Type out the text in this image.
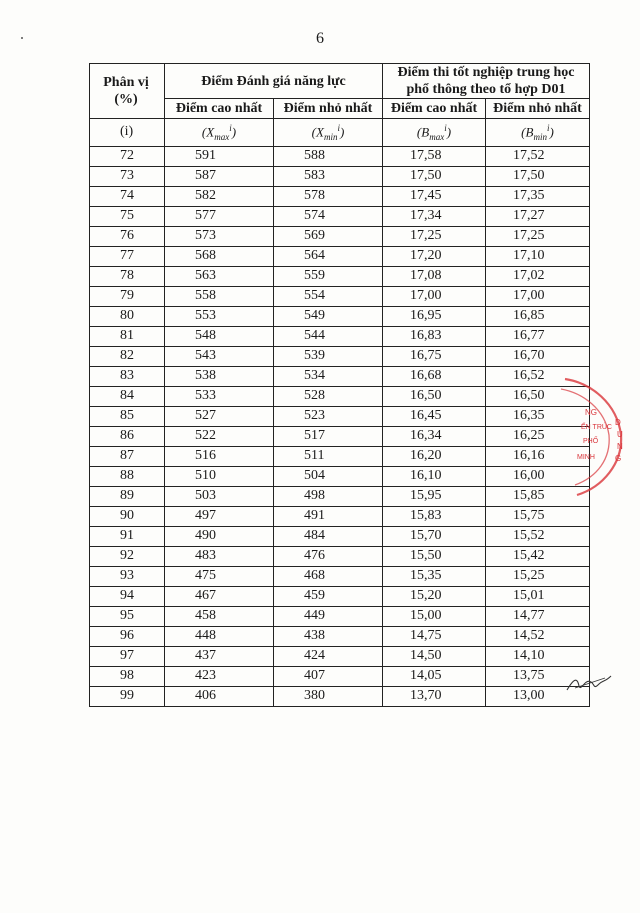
6
Phân vị
(%)	Điểm Đánh giá năng lực		Điểm thi tốt nghiệp trung học phổ thông theo tổ hợp D01	
	Điểm cao nhất	Điểm nhỏ nhất	Điểm cao nhất	Điểm nhỏ nhất
(i)	$(X_{max}^i)$	$(X_{min}^i)$	$(B_{max}^i)$	$(B_{min}^i)$
72	591	588	17,58	17,52
73	587	583	17,50	17,50
74	582	578	17,45	17,35
75	577	574	17,34	17,27
76	573	569	17,25	17,25
77	568	564	17,20	17,10
78	563	559	17,08	17,02
79	558	554	17,00	17,00
80	553	549	16,95	16,85
81	548	544	16,83	16,77
82	543	539	16,75	16,70
83	538	534	16,68	16,52
84	533	528	16,50	16,50
85	527	523	16,45	16,35
86	522	517	16,34	16,25
87	516	511	16,20	16,16
88	510	504	16,10	16,00
89	503	498	15,95	15,85
90	497	491	15,83	15,75
91	490	484	15,70	15,52
92	483	476	15,50	15,42
93	475	468	15,35	15,25
94	467	459	15,20	15,01
95	458	449	15,00	14,77
96	448	438	14,75	14,52
97	437	424	14,50	14,10
98	423	407	14,05	13,75
99	406	380	13,70	13,00
NG
ẾN TRÚC
PHỐ
MINH
D
U
N
G
